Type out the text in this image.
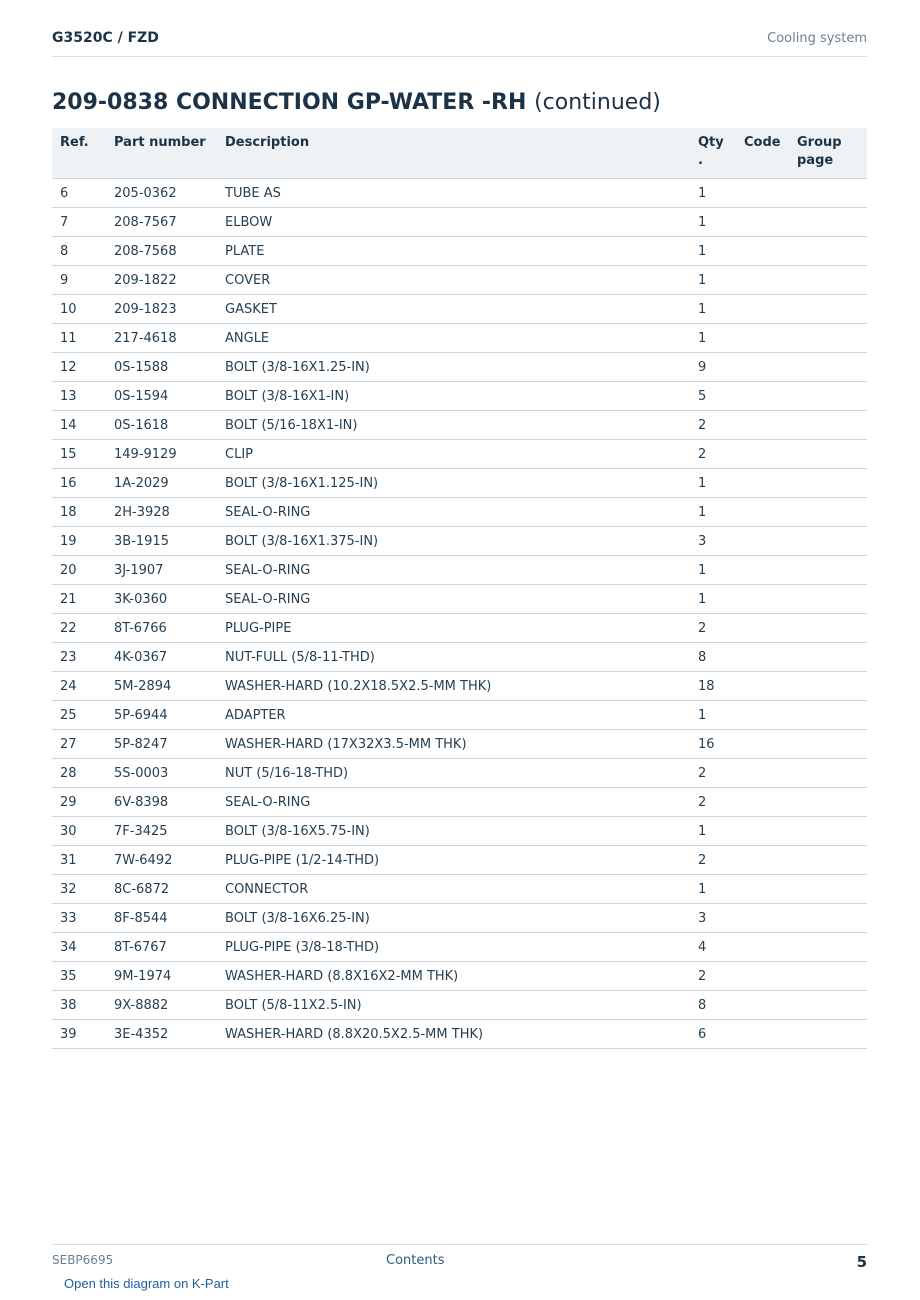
G3520C / FZD	Cooling system
209-0838 CONNECTION GP-WATER -RH (continued)
Ref.	Part number	Description	Qty .	Code	Group page
6	205-0362	TUBE AS	1		
7	208-7567	ELBOW	1		
8	208-7568	PLATE	1		
9	209-1822	COVER	1		
10	209-1823	GASKET	1		
11	217-4618	ANGLE	1		
12	0S-1588	BOLT (3/8-16X1.25-IN)	9		
13	0S-1594	BOLT (3/8-16X1-IN)	5		
14	0S-1618	BOLT (5/16-18X1-IN)	2		
15	149-9129	CLIP	2		
16	1A-2029	BOLT (3/8-16X1.125-IN)	1		
18	2H-3928	SEAL-O-RING	1		
19	3B-1915	BOLT (3/8-16X1.375-IN)	3		
20	3J-1907	SEAL-O-RING	1		
21	3K-0360	SEAL-O-RING	1		
22	8T-6766	PLUG-PIPE	2		
23	4K-0367	NUT-FULL (5/8-11-THD)	8		
24	5M-2894	WASHER-HARD (10.2X18.5X2.5-MM THK)	18		
25	5P-6944	ADAPTER	1		
27	5P-8247	WASHER-HARD (17X32X3.5-MM THK)	16		
28	5S-0003	NUT (5/16-18-THD)	2		
29	6V-8398	SEAL-O-RING	2		
30	7F-3425	BOLT (3/8-16X5.75-IN)	1		
31	7W-6492	PLUG-PIPE (1/2-14-THD)	2		
32	8C-6872	CONNECTOR	1		
33	8F-8544	BOLT (3/8-16X6.25-IN)	3		
34	8T-6767	PLUG-PIPE (3/8-18-THD)	4		
35	9M-1974	WASHER-HARD (8.8X16X2-MM THK)	2		
38	9X-8882	BOLT (5/8-11X2.5-IN)	8		
39	3E-4352	WASHER-HARD (8.8X20.5X2.5-MM THK)	6		
SEBP6695	Contents	5
Open this diagram on K-Part
